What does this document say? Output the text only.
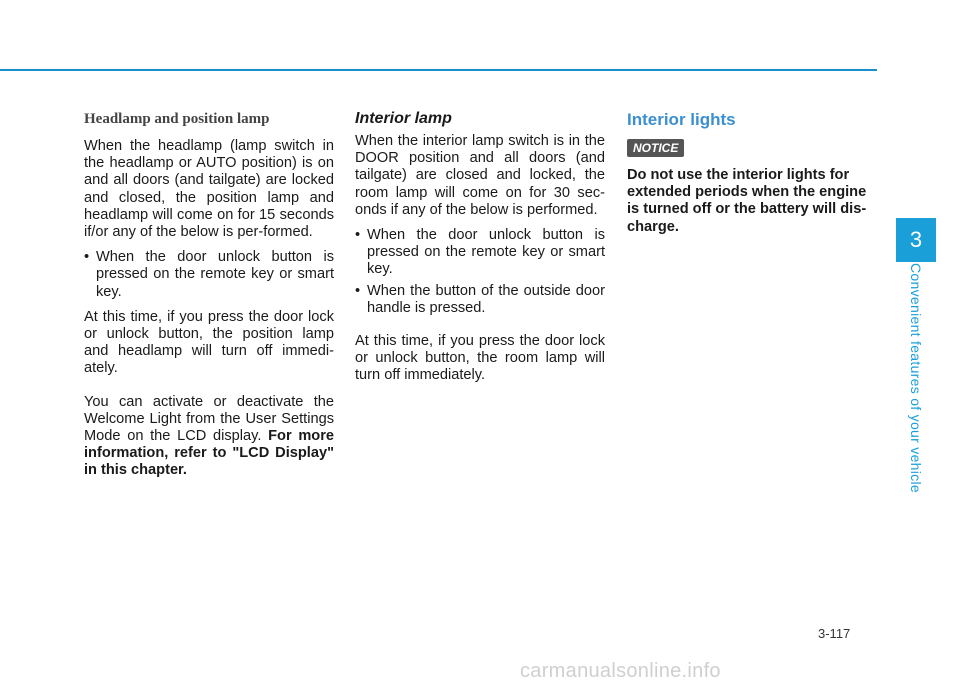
Headlamp and position lamp

When the headlamp (lamp switch in the headlamp or AUTO position) is on and all doors (and tailgate) are locked and closed, the position lamp and headlamp will come on for 15 seconds if/or any of the below is per-formed.

• When the door unlock button is pressed on the remote key or smart key.

At this time, if you press the door lock or unlock button, the position lamp and headlamp will turn off immedi-ately.

You can activate or deactivate the Welcome Light from the User Settings Mode on the LCD display. For more information, refer to "LCD Display" in this chapter.

Interior lamp

When the interior lamp switch is in the DOOR position and all doors (and tailgate) are closed and locked, the room lamp will come on for 30 sec-onds if any of the below is performed.

• When the door unlock button is pressed on the remote key or smart key.
• When the button of the outside door handle is pressed.

At this time, if you press the door lock or unlock button, the room lamp will turn off immediately.

Interior lights
NOTICE

Do not use the interior lights for extended periods when the engine is turned off or the battery will dis-charge.

3
Convenient features of your vehicle
3-117
carmanualsonline.info
